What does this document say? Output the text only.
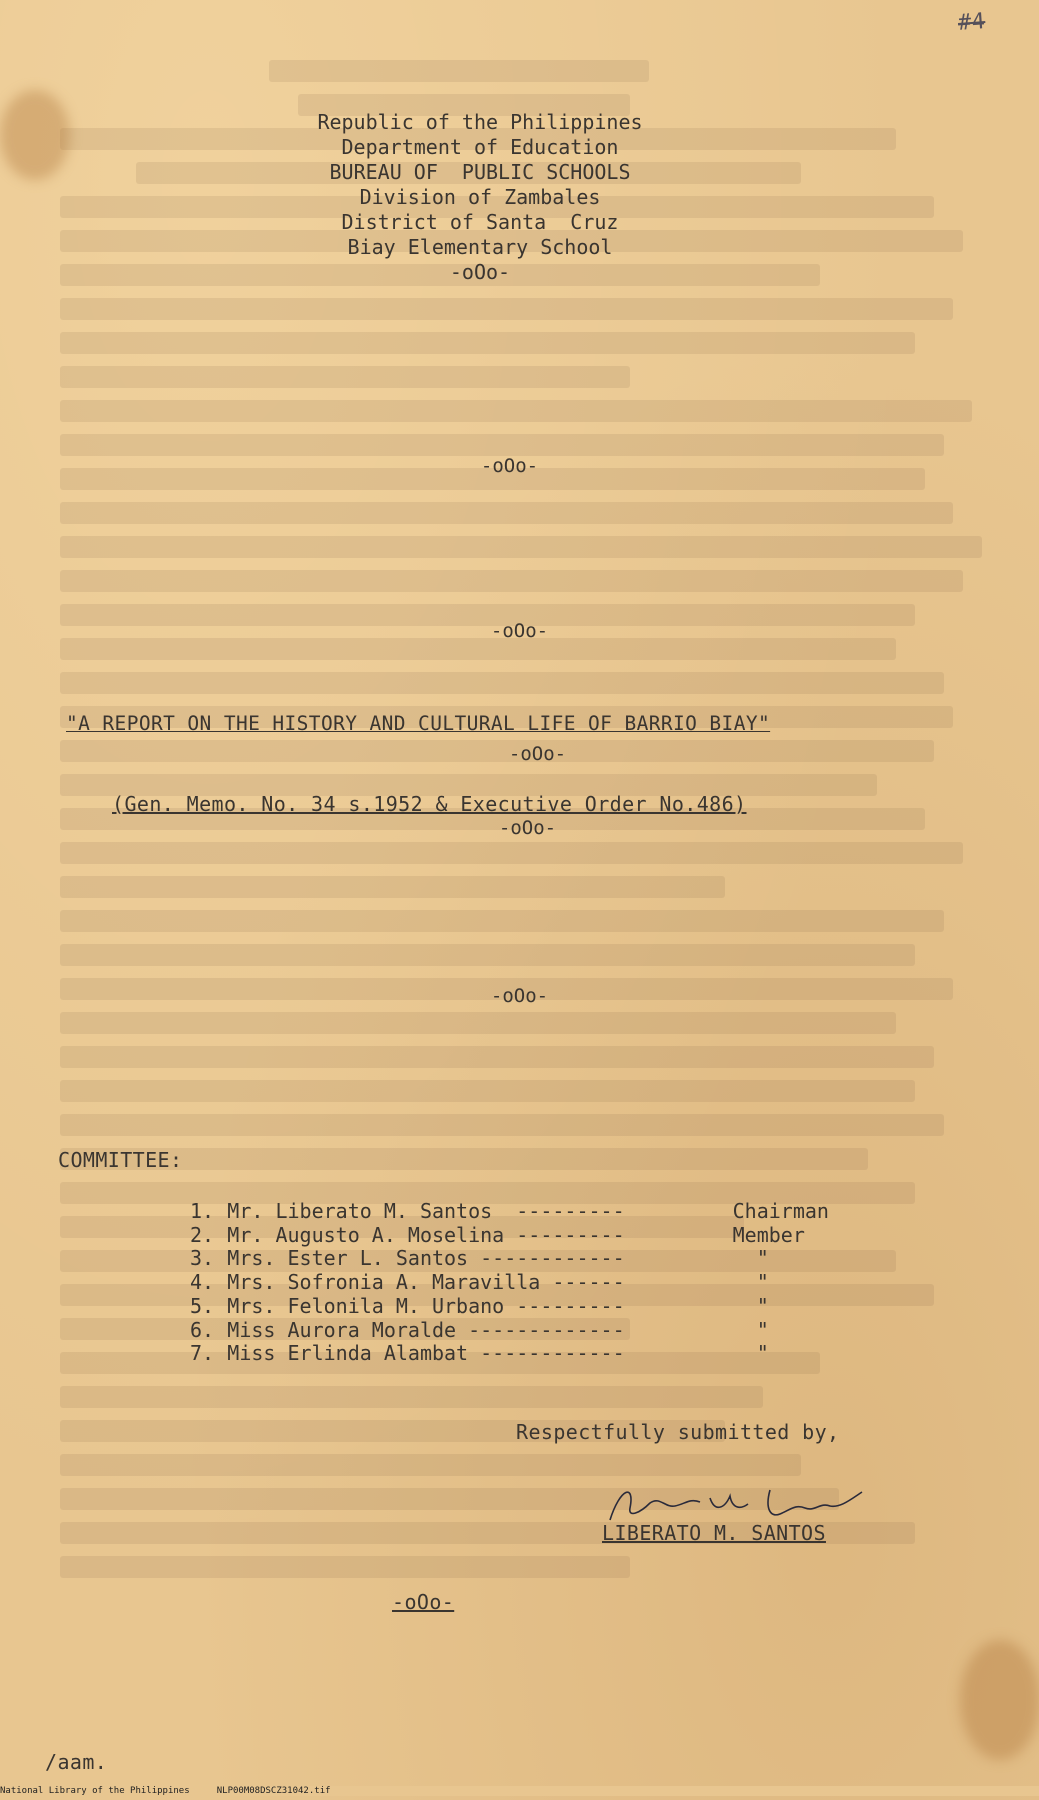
#4
Republic of the Philippines
Department of Education
BUREAU OF  PUBLIC SCHOOLS
Division of Zambales
District of Santa  Cruz
Biay Elementary School
-oOo-
-oOo-
-oOo-
"A REPORT ON THE HISTORY AND CULTURAL LIFE OF BARRIO BIAY"
-oOo-
(Gen. Memo. No. 34 s.1952 & Executive Order No.486)
-oOo-
-oOo-
COMMITTEE:
1. Mr. Liberato M. Santos  ---------	Chairman
2. Mr. Augusto A. Moselina ---------	Member
3. Mrs. Ester L. Santos ------------	"
4. Mrs. Sofronia A. Maravilla ------	"
5. Mrs. Felonila M. Urbano ---------	"
6. Miss Aurora Moralde -------------	"
7. Miss Erlinda Alambat ------------	"
Respectfully submitted by,
LIBERATO M. SANTOS
-oOo-
/aam.
National Library of the Philippines     NLP00M08DSCZ31042.tif
